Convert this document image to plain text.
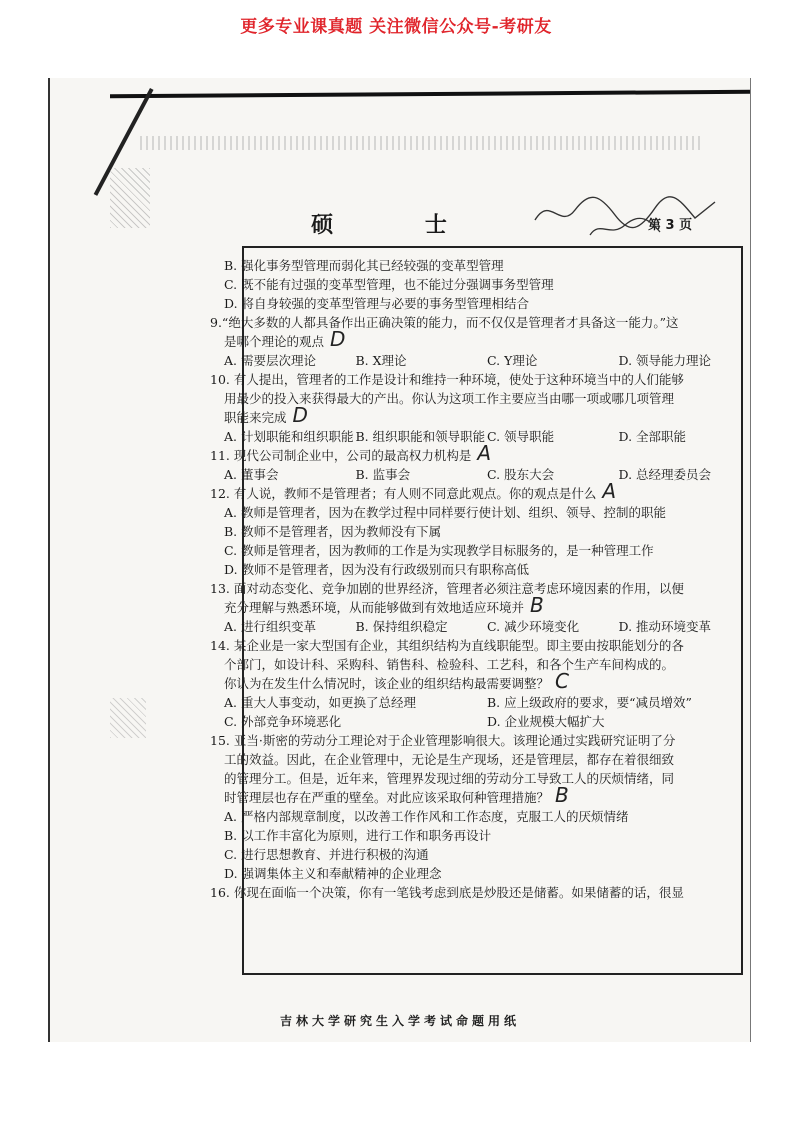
更多专业课真题 关注微信公众号-考研友
硕 士	第 3 页
B. 强化事务型管理而弱化其已经较强的变革型管理
C. 既不能有过强的变革型管理，也不能过分强调事务型管理
D. 将自身较强的变革型管理与必要的事务型管理相结合
9.“绝大多数的人都具备作出正确决策的能力，而不仅仅是管理者才具备这一能力。”这
是哪个理论的观点 D
A. 需要层次理论	B. X理论	C. Y理论	D. 领导能力理论
10. 有人提出，管理者的工作是设计和维持一种环境，使处于这种环境当中的人们能够
用最少的投入来获得最大的产出。你认为这项工作主要应当由哪一项或哪几项管理
职能来完成 D
A. 计划职能和组织职能 B. 组织职能和领导职能 C. 领导职能	D. 全部职能
11. 现代公司制企业中，公司的最高权力机构是 A
A. 董事会	B. 监事会	C. 股东大会	D. 总经理委员会
12. 有人说，教师不是管理者；有人则不同意此观点。你的观点是什么 A
A. 教师是管理者，因为在教学过程中同样要行使计划、组织、领导、控制的职能
B. 教师不是管理者，因为教师没有下属
C. 教师是管理者，因为教师的工作是为实现教学目标服务的，是一种管理工作
D. 教师不是管理者，因为没有行政级别而只有职称高低
13. 面对动态变化、竞争加剧的世界经济，管理者必须注意考虑环境因素的作用，以便
充分理解与熟悉环境，从而能够做到有效地适应环境并 B
A. 进行组织变革	B. 保持组织稳定	C. 减少环境变化	D. 推动环境变革
14. 某企业是一家大型国有企业，其组织结构为直线职能型。即主要由按职能划分的各
个部门，如设计科、采购科、销售科、检验科、工艺科，和各个生产车间构成的。
你认为在发生什么情况时，该企业的组织结构最需要调整？ C
A. 重大人事变动，如更换了总经理	B. 应上级政府的要求，要“减员增效”
C. 外部竞争环境恶化	D. 企业规模大幅扩大
15. 亚当·斯密的劳动分工理论对于企业管理影响很大。该理论通过实践研究证明了分
工的效益。因此，在企业管理中，无论是生产现场，还是管理层，都存在着很细致
的管理分工。但是，近年来，管理界发现过细的劳动分工导致工人的厌烦情绪，同
时管理层也存在严重的壁垒。对此应该采取何种管理措施？ B
A. 严格内部规章制度，以改善工作作风和工作态度，克服工人的厌烦情绪
B. 以工作丰富化为原则，进行工作和职务再设计
C. 进行思想教育、并进行积极的沟通
D. 强调集体主义和奉献精神的企业理念
16. 你现在面临一个决策，你有一笔钱考虑到底是炒股还是储蓄。如果储蓄的话，很显
吉林大学研究生入学考试命题用纸
